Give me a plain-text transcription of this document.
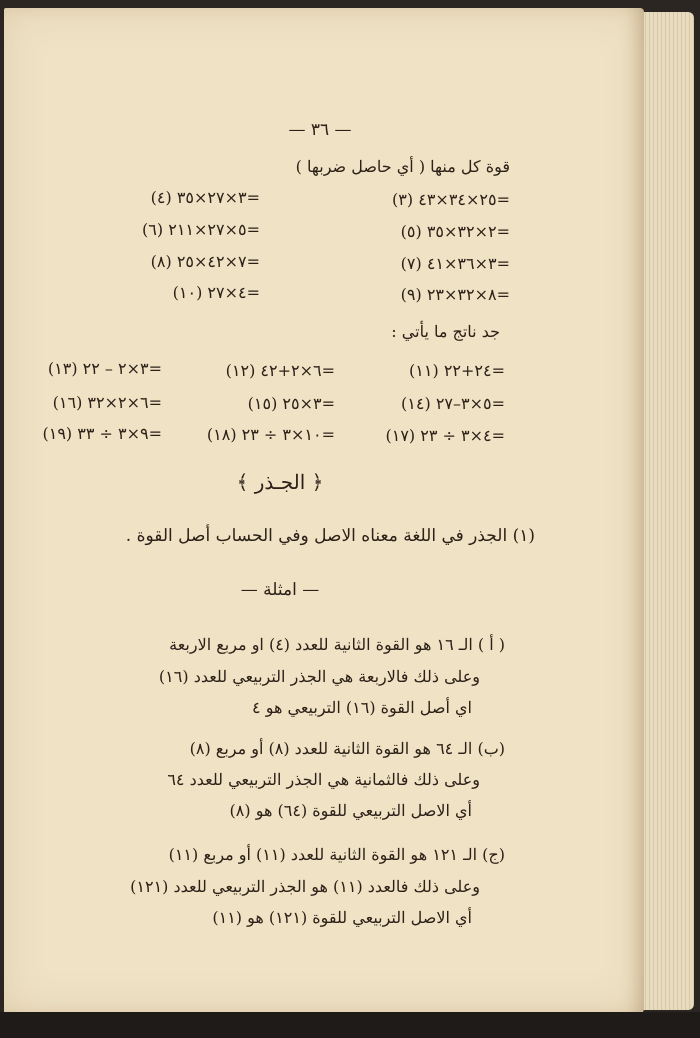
— ٣٦ —
قوة كل منها ( أي حاصل ضربها )
(٣) ٢٥×٣٤×٤٣=
(٤) ٣×٢٧×٣٥=
(٥) ٢×٣٢×٣٥=
(٦) ٥×٢٧×٢١١=
(٧) ٣×٣٦×٤١=
(٨) ٧×٤٢×٢٥=
(٩) ٨×٣٢×٢٣=
(١٠) ٤×٢٧=
جد ناتج ما يأتي :
(١١) ٢٤+٢٢=
(١٢) ٦×٢+٤٢=
(١٣) ٣×٢ – ٢٢=
(١٤) ٥×٣–٢٧=
(١٥) ٣×٢٥=
(١٦) ٦×٢×٣٢=
(١٧) ٤×٣ ÷ ٢٣=
(١٨) ١٠×٣ ÷ ٢٣=
(١٩) ٩×٣ ÷ ٣٣=
﴿ الجـذر ﴾
(١) الجذر في اللغة معناه الاصل وفي الحساب أصل القوة .
— امثلة —
( أ ) الـ ١٦ هو القوة الثانية للعدد (٤) او مربع الاربعة
وعلى ذلك فالاربعة هي الجذر التربيعي للعدد (١٦)
اي أصل القوة (١٦) التربيعي هو ٤
(ب) الـ ٦٤ هو القوة الثانية للعدد (٨) أو مربع (٨)
وعلى ذلك فالثمانية هي الجذر التربيعي للعدد ٦٤
أي الاصل التربيعي للقوة (٦٤) هو (٨)
(ج) الـ ١٢١ هو القوة الثانية للعدد (١١) أو مربع (١١)
وعلى ذلك فالعدد (١١) هو الجذر التربيعي للعدد (١٢١)
أي الاصل التربيعي للقوة (١٢١) هو (١١)
